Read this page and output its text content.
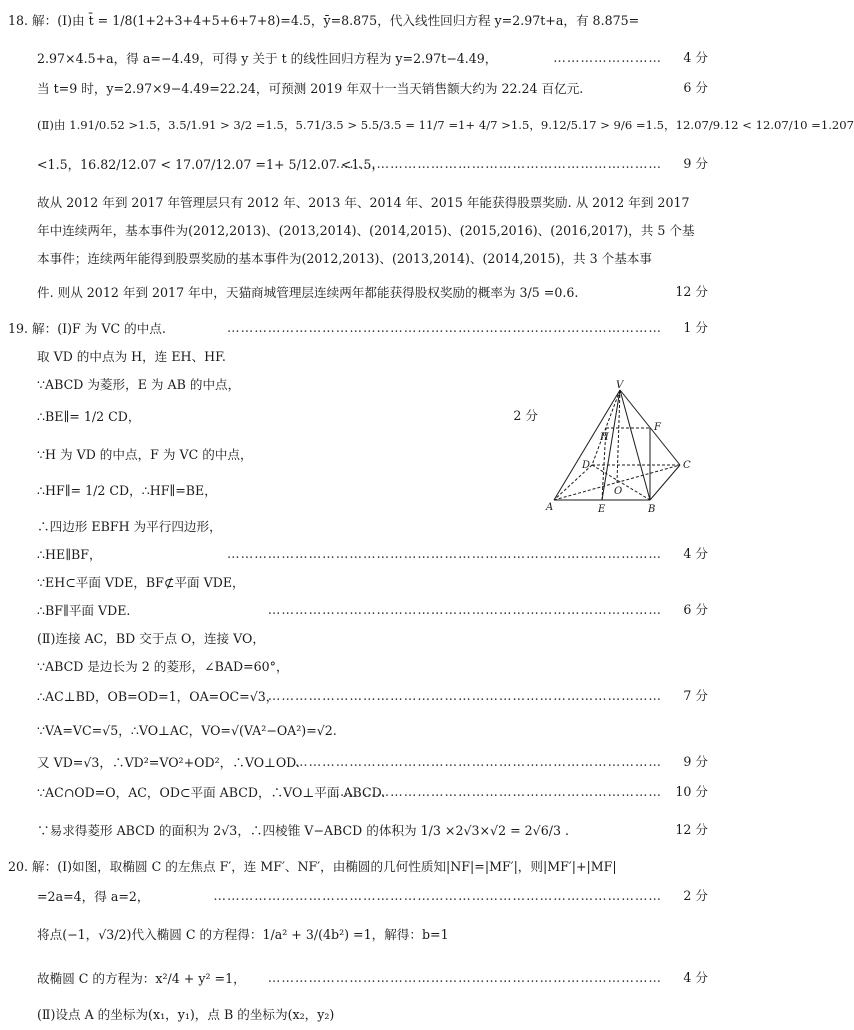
18. 解：(Ⅰ)由 t̄ = 1/8(1+2+3+4+5+6+7+8)=4.5，ȳ=8.875，代入线性回归方程 y=2.97t+a，有 8.875=
2.97×4.5+a，得 a=−4.49，可得 y 关于 t 的线性回归方程为 y=2.97t−4.49，	…………………… 4 分
当 t=9 时，y=2.97×9−4.49=22.24，可预测 2019 年双十一当天销售额大约为 22.24 百亿元.	6 分
(Ⅱ)由 1.91/0.52 >1.5，3.5/1.91 > 3/2 =1.5，5.71/3.5 > 5.5/3.5 = 11/7 =1+ 4/7 >1.5，9.12/5.17 > 9/6 =1.5，12.07/9.12 < 12.07/10 =1.207
<1.5，16.82/12.07 < 17.07/12.07 =1+ 5/12.07 <1.5，
……………………………………………………………… 9 分
故从 2012 年到 2017 年管理层只有 2012 年、2013 年、2014 年、2015 年能获得股票奖励. 从 2012 年到 2017
年中连续两年，基本事件为(2012,2013)、(2013,2014)、(2014,2015)、(2015,2016)、(2016,2017)，共 5 个基
本事件；连续两年能得到股票奖励的基本事件为(2012,2013)、(2013,2014)、(2014,2015)，共 3 个基本事
件. 则从 2012 年到 2017 年中，天猫商城管理层连续两年都能获得股权奖励的概率为 3/5 =0.6.	12 分
19. 解：(Ⅰ)F 为 VC 的中点.	…………………………………………………………………………………… 1 分
取 VD 的中点为 H，连 EH、HF.
∵ABCD 为菱形，E 为 AB 的中点，
∴BE∥= 1/2 CD，	2 分
∵H 为 VD 的中点，F 为 VC 的中点，
∴HF∥= 1/2 CD，∴HF∥=BE，
∴四边形 EBFH 为平行四边形，
∴HE∥BF，	…………………………………………………………………………………… 4 分
∵EH⊂平面 VDE，BF⊄平面 VDE，
∴BF∥平面 VDE.	…………………………………………………………………………… 6 分
(Ⅱ)连接 AC，BD 交于点 O，连接 VO，
∵ABCD 是边长为 2 的菱形，∠BAD=60°，
∴AC⊥BD，OB=OD=1，OA=OC=√3，
…………………………………………………………………………… 7 分
∵VA=VC=√5，∴VO⊥AC，VO=√(VA²−OA²)=√2.
又 VD=√3，∴VD²=VO²+OD²，∴VO⊥OD.
……………………………………………………………………… 9 分
∵AC∩OD=O，AC，OD⊂平面 ABCD，∴VO⊥平面 ABCD.
……………………………………………………………… 10 分
∵易求得菱形 ABCD 的面积为 2√3，∴四棱锥 V−ABCD 的体积为 1/3 ×2√3×√2 = 2√6/3 .	12 分
V
F
H
D	C
O
A	E	B
20. 解：(Ⅰ)如图，取椭圆 C 的左焦点 F′，连 MF′、NF′，由椭圆的几何性质知|NF|=|MF′|，则|MF′|+|MF|
=2a=4，得 a=2，	……………………………………………………………………………………… 2 分
将点(−1，√3/2)代入椭圆 C 的方程得：1/a² + 3/(4b²) =1，解得：b=1
故椭圆 C 的方程为：x²/4 + y² =1， …………………………………………………………………………… 4 分
(Ⅱ)设点 A 的坐标为(x₁，y₁)，点 B 的坐标为(x₂，y₂)
